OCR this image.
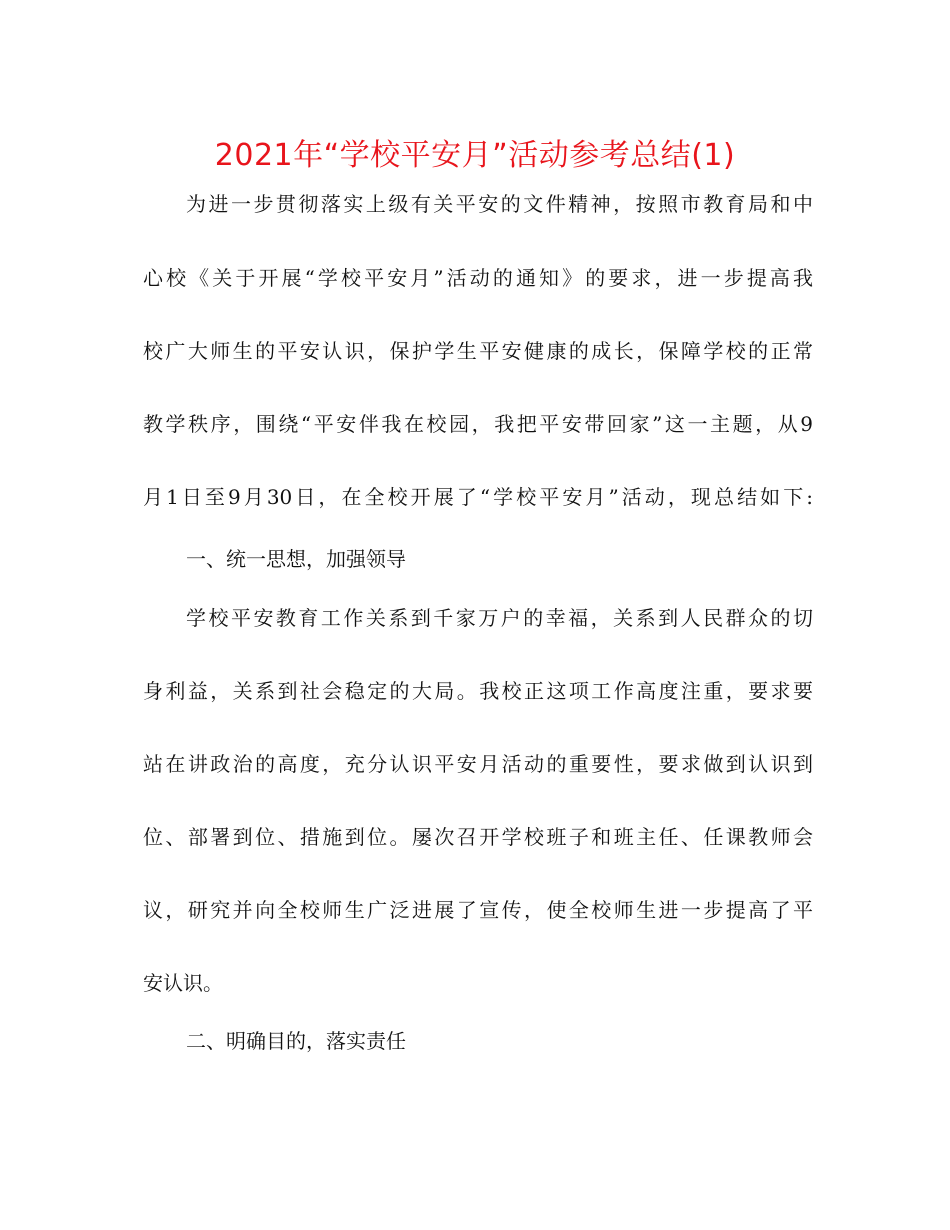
2021年“学校平安月”活动参考总结(1)
为进一步贯彻落实上级有关平安的文件精神，按照市教育局和中
心校《关于开展“学校平安月”活动的通知》的要求，进一步提高我
校广大师生的平安认识，保护学生平安健康的成长，保障学校的正常
教学秩序，围绕“平安伴我在校园，我把平安带回家”这一主题，从9
月1日至9月30日，在全校开展了“学校平安月”活动，现总结如下:
一、统一思想，加强领导
学校平安教育工作关系到千家万户的幸福，关系到人民群众的切
身利益，关系到社会稳定的大局。我校正这项工作高度注重，要求要
站在讲政治的高度，充分认识平安月活动的重要性，要求做到认识到
位、部署到位、措施到位。屡次召开学校班子和班主任、任课教师会
议，研究并向全校师生广泛进展了宣传，使全校师生进一步提高了平
安认识。
二、明确目的，落实责任
